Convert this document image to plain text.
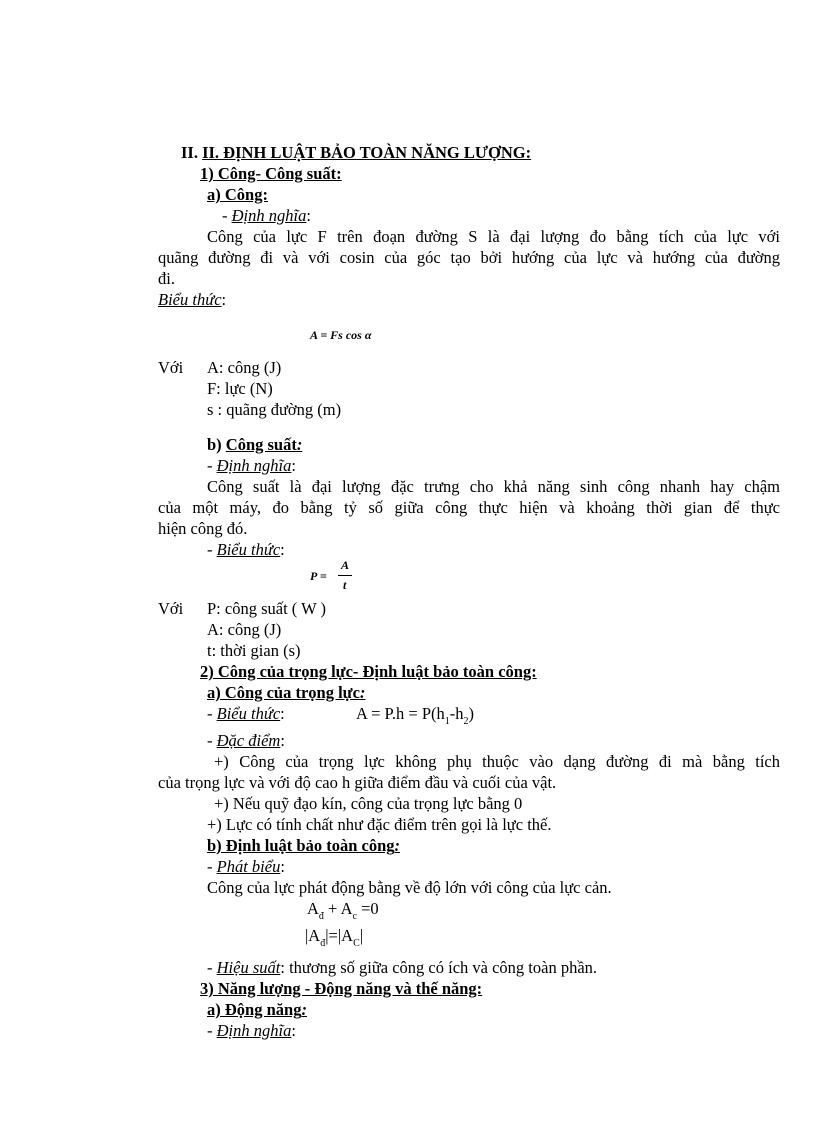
II. II. ĐỊNH LUẬT BẢO TOÀN NĂNG LƯỢNG:
1) Công- Công suất:
a) Công:
- Định nghĩa:
Công của lực F trên đoạn đường S là đại lượng đo bằng tích của lực với
quãng đường đi và với cosin của góc tạo bởi hướng của lực và hướng của đường
đi.
Biểu thức:
A = Fs cos α
Với A: công (J)
F: lực (N)
s : quãng đường (m)
b) Công suất:
- Định nghĩa:
Công suất là đại lượng đặc trưng cho khả năng sinh công nhanh hay chậm
của một máy, đo bằng tỷ số giữa công thực hiện và khoảng thời gian để thực
hiện công đó.
- Biểu thức:
P =
A
t
Với P: công suất ( W )
A: công (J)
t: thời gian (s)
2) Công của trọng lực- Định luật bảo toàn công:
a) Công của trọng lực:
- Biểu thức:	$A = P.h = P(h_1-h_2)$
- Đặc điểm:
+) Công của trọng lực không phụ thuộc vào dạng đường đi mà bằng tích
của trọng lực và với độ cao h giữa điểm đầu và cuối của vật.
+) Nếu quỹ đạo kín, công của trọng lực bằng 0
+) Lực có tính chất như đặc điểm trên gọi là lực thế.
b) Định luật bảo toàn công:
- Phát biểu:
Công của lực phát động bằng về độ lớn với công của lực cản.
$A_đ + A_c =0$
$|A_đ|=|A_C|$
- Hiệu suất: thương số giữa công có ích và công toàn phần.
3) Năng lượng - Động năng và thế năng:
a) Động năng:
- Định nghĩa:
